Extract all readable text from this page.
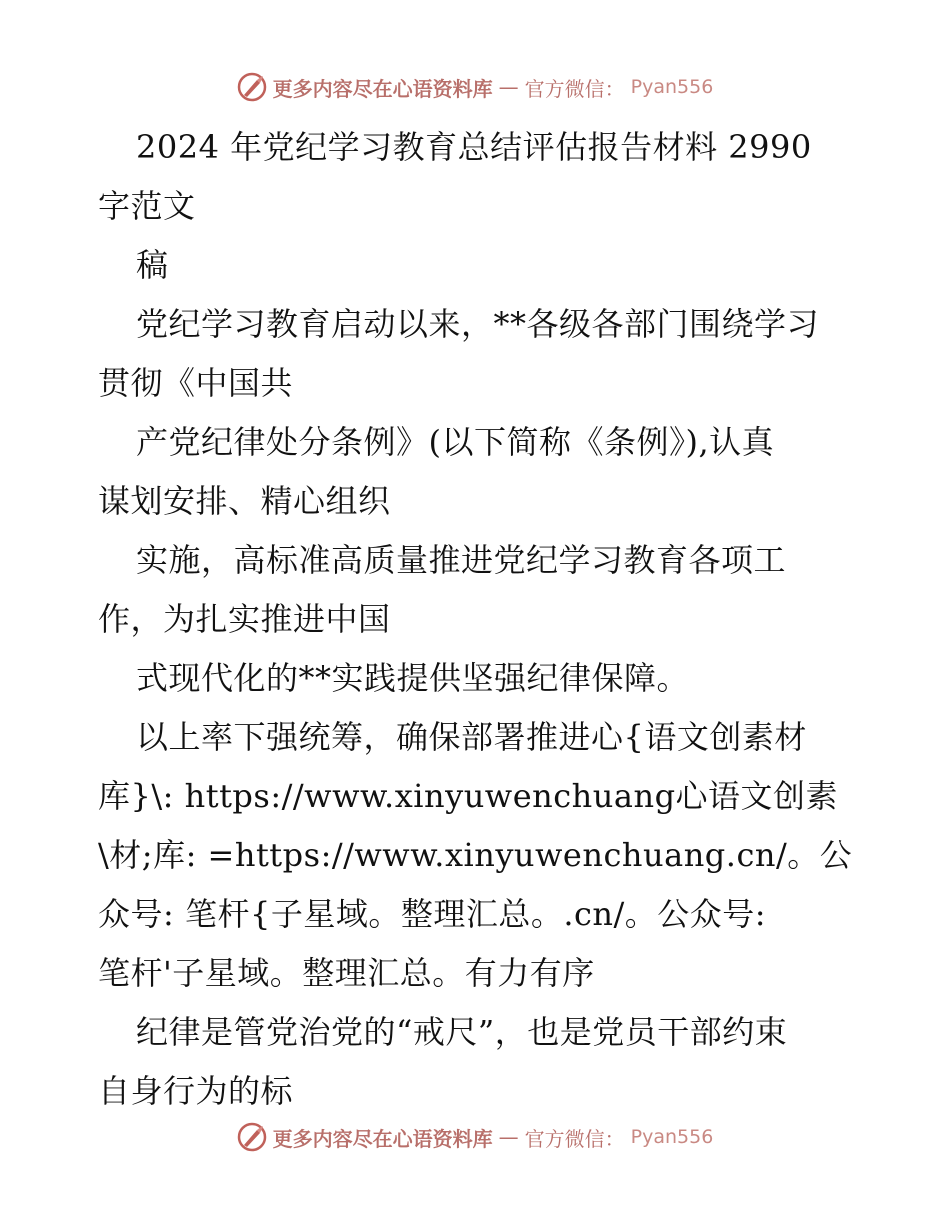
更多内容尽在心语资料库 — 官方微信： Pyan556
2024 年党纪学习教育总结评估报告材料 2990
字范文
稿
党纪学习教育启动以来，**各级各部门围绕学习
贯彻《中国共
产党纪律处分条例》(以下简称《条例》),认真
谋划安排、精心组织
实施，高标准高质量推进党纪学习教育各项工
作，为扎实推进中国
式现代化的**实践提供坚强纪律保障。
以上率下强统筹，确保部署推进心{语文创素材
库}\: https://www.xinyuwenchuang心语文创素
\材;库: =https://www.xinyuwenchuang.cn/。公
众号: 笔杆{子星域。整理汇总。.cn/。公众号:
笔杆'子星域。整理汇总。有力有序
纪律是管党治党的“戒尺”，也是党员干部约束
自身行为的标
更多内容尽在心语资料库 — 官方微信： Pyan556
